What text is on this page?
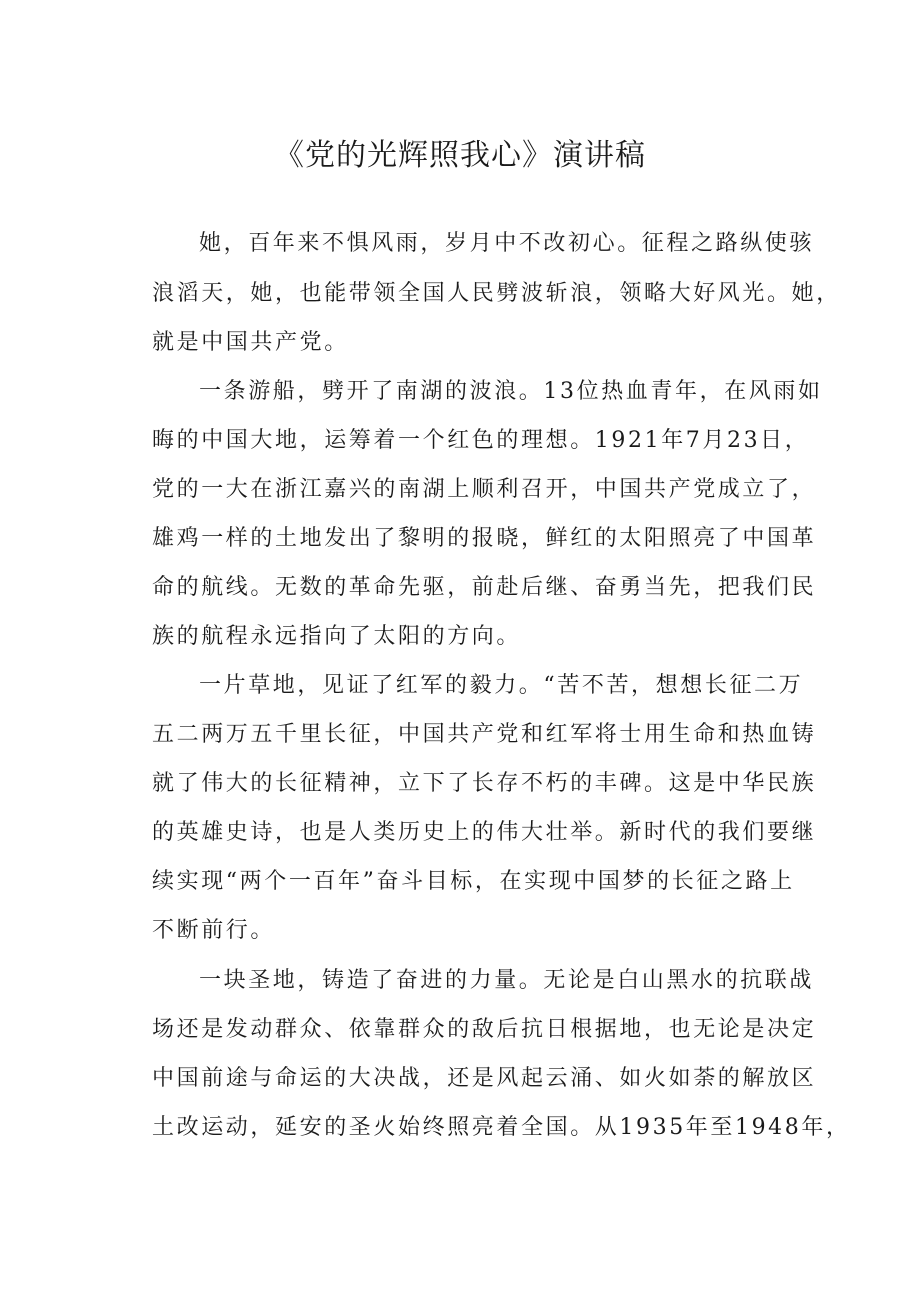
《党的光辉照我心》演讲稿
她，百年来不惧风雨，岁月中不改初心。征程之路纵使骇
浪滔天，她，也能带领全国人民劈波斩浪，领略大好风光。她，
就是中国共产党。
一条游船，劈开了南湖的波浪。13位热血青年，在风雨如
晦的中国大地，运筹着一个红色的理想。1921年7月23日，
党的一大在浙江嘉兴的南湖上顺利召开，中国共产党成立了，
雄鸡一样的土地发出了黎明的报晓，鲜红的太阳照亮了中国革
命的航线。无数的革命先驱，前赴后继、奋勇当先，把我们民
族的航程永远指向了太阳的方向。
一片草地，见证了红军的毅力。“苦不苦，想想长征二万
五二两万五千里长征，中国共产党和红军将士用生命和热血铸
就了伟大的长征精神，立下了长存不朽的丰碑。这是中华民族
的英雄史诗，也是人类历史上的伟大壮举。新时代的我们要继
续实现“两个一百年”奋斗目标，在实现中国梦的长征之路上
不断前行。
一块圣地，铸造了奋进的力量。无论是白山黑水的抗联战
场还是发动群众、依靠群众的敌后抗日根据地，也无论是决定
中国前途与命运的大决战，还是风起云涌、如火如荼的解放区
土改运动，延安的圣火始终照亮着全国。从1935年至1948年，
